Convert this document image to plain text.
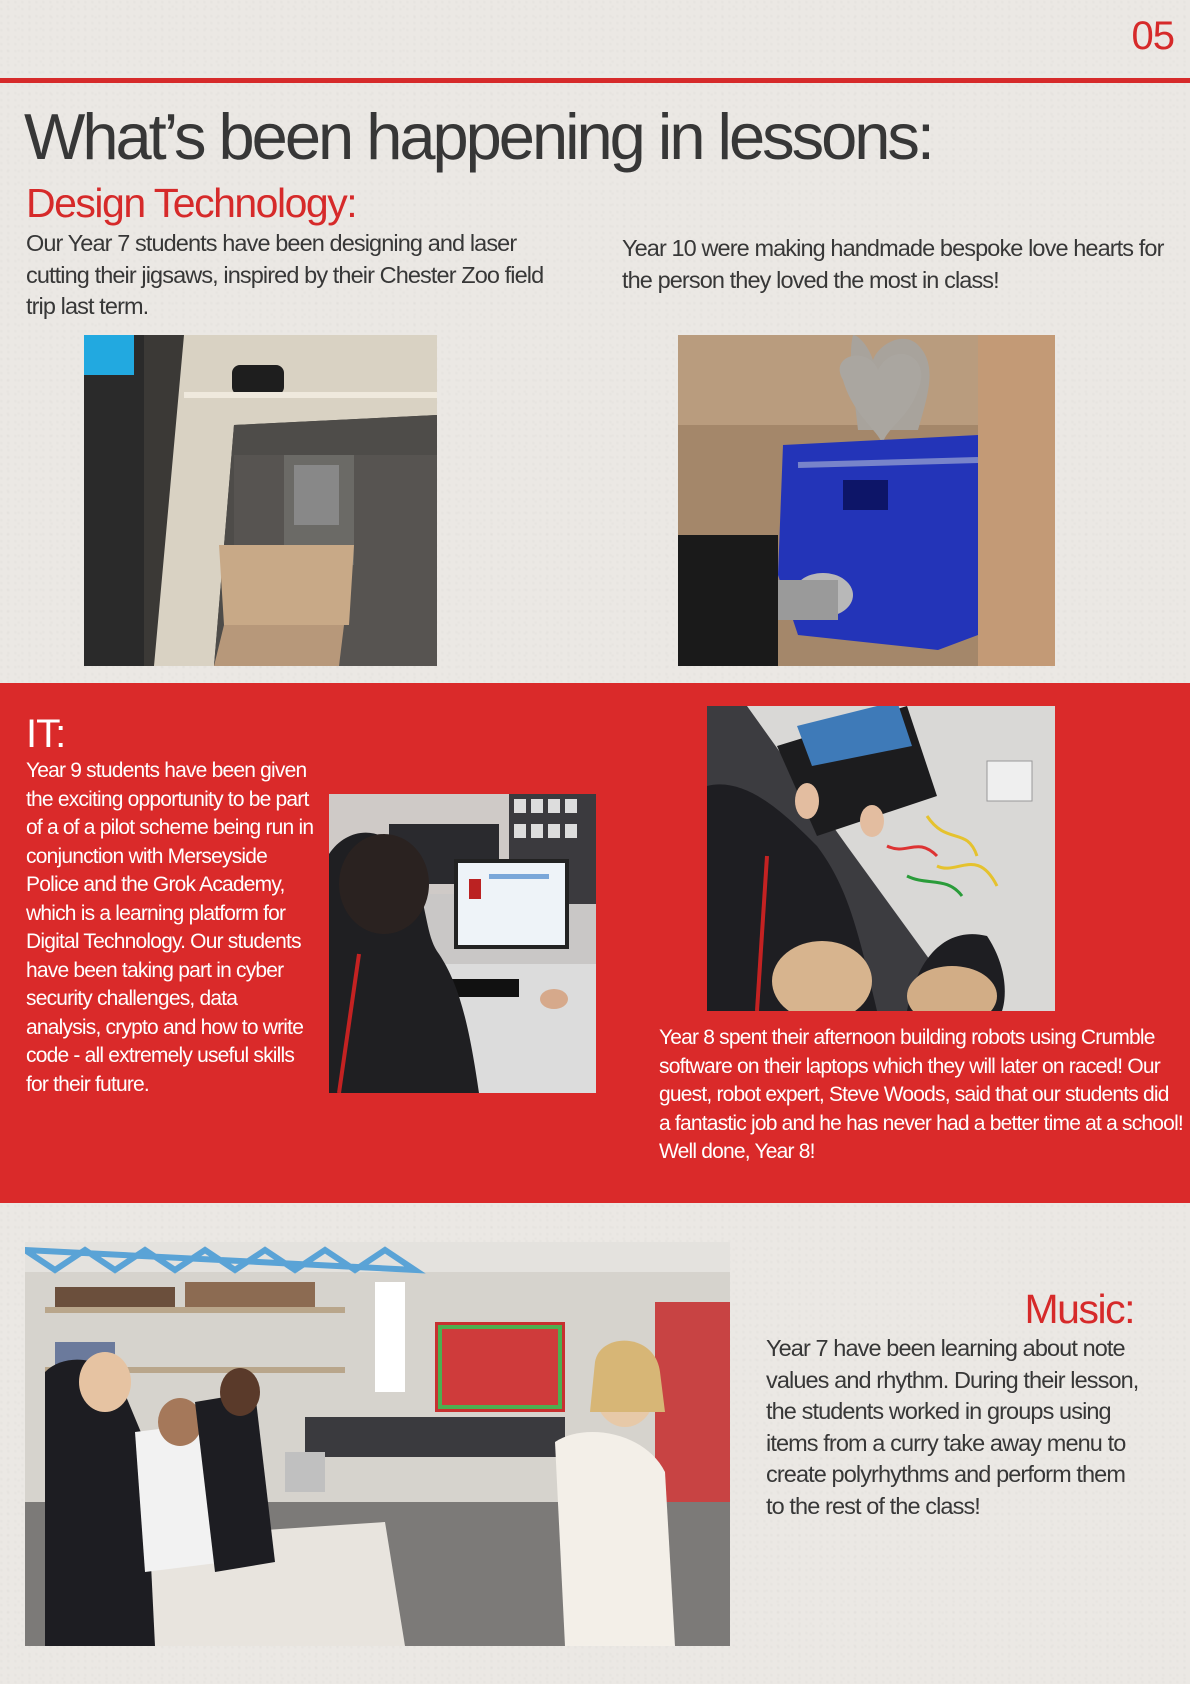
05
What’s been happening in lessons:
Design Technology:

Our Year 7 students have been designing and laser cutting their jigsaws, inspired by their Chester Zoo field trip last term.

Year 10 were making handmade bespoke love hearts for the person they loved the most in class!

IT:

Year 9 students have been given the exciting opportunity to be part of a of a pilot scheme being run in conjunction with Merseyside Police and the Grok Academy, which is a learning platform for Digital Technology. Our students have been taking part in cyber security challenges, data analysis, crypto and how to write code - all extremely useful skills for their future.

Year 8 spent their afternoon building robots using Crumble software on their laptops which they will later on raced! Our guest, robot expert, Steve Woods, said that our students did a fantastic job and he has never had a better time at a school! Well done, Year 8!

Music:

Year 7 have been learning about note values and rhythm. During their lesson, the students worked in groups using items from a curry take away menu to create polyrhythms and perform them to the rest of the class!
